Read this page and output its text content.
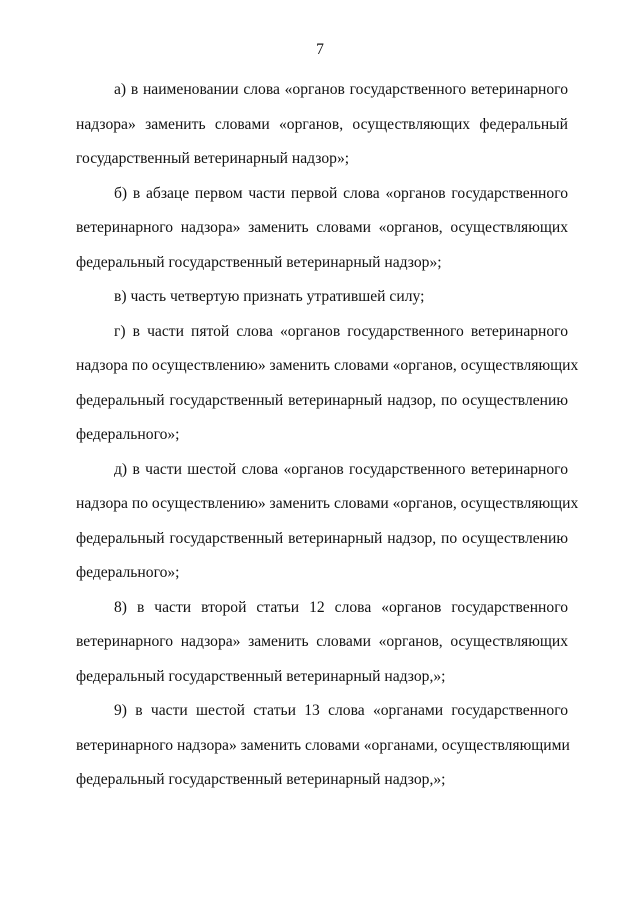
7
а) в наименовании слова «органов государственного ветеринарного
надзора» заменить словами «органов, осуществляющих федеральный
государственный ветеринарный надзор»;
б) в абзаце первом части первой слова «органов государственного
ветеринарного надзора» заменить словами «органов, осуществляющих
федеральный государственный ветеринарный надзор»;
в) часть четвертую признать утратившей силу;
г) в части пятой слова «органов государственного ветеринарного
надзора по осуществлению» заменить словами «органов, осуществляющих
федеральный государственный ветеринарный надзор, по осуществлению
федерального»;
д) в части шестой слова «органов государственного ветеринарного
надзора по осуществлению» заменить словами «органов, осуществляющих
федеральный государственный ветеринарный надзор, по осуществлению
федерального»;
8) в части второй статьи 12 слова «органов государственного
ветеринарного надзора» заменить словами «органов, осуществляющих
федеральный государственный ветеринарный надзор,»;
9) в части шестой статьи 13 слова «органами государственного
ветеринарного надзора» заменить словами «органами, осуществляющими
федеральный государственный ветеринарный надзор,»;
